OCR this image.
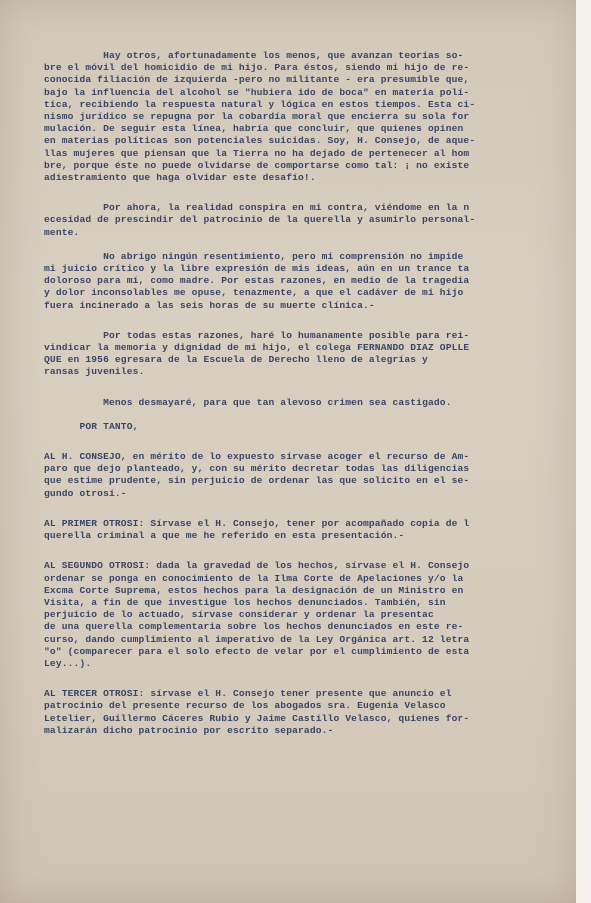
Hay otros, afortunadamente los menos, que avanzan teorías so-
bre el móvil del homicidio de mi hijo. Para éstos, siendo mi hijo de re-
conocida filiación de izquierda -pero no militante - era presumible que,
bajo la influencia del alcohol se "hubiera ido de boca" en materia polí-
tica, recibiendo la respuesta natural y lógica en estos tiempos. Esta ci-
nismo jurídico se repugna por la cobardía moral que encierra su sola for
mulación. De seguir esta línea, habría que concluir, que quienes opinen
en materias políticas son potenciales suicidas. Soy, H. Consejo, de aque-
llas mujeres que piensan que la Tierra no ha dejado de pertenecer al hom
bre, porque éste no puede olvidarse de comportarse como tal: ¡ no existe
adiestramiento que haga olvidar este desafío!.

Por ahora, la realidad conspira en mi contra, viéndome en la n
ecesidad de prescindir del patrocinio de la querella y asumirlo personal-
mente.

No abrigo ningún resentimiento, pero mi comprensión no impide
mi juicio crítico y la libre expresión de mis ideas, aún en un trance ta
doloroso para mí, como madre. Por estas razones, en medio de la tragedia
y dolor inconsolables me opuse, tenazmente, a que el cadáver de mi hijo
fuera incinerado a las seis horas de su muerte clínica.-

Por todas estas razones, haré lo humanamente posible para rei-
vindicar la memoria y dignidad de mi hijo, el colega FERNANDO DIAZ OPLLE
QUE en 1956 egresara de la Escuela de Derecho lleno de alegrías y
ransas juveniles.

Menos desmayaré, para que tan alevoso crimen sea castigado.

POR TANTO,

AL H. CONSEJO, en mérito de lo expuesto sírvase acoger el recurso de Am-
paro que dejo planteado, y, con su mérito decretar todas las diligencias
que estime prudente, sin perjuicio de ordenar las que solicito en el se-
gundo otrosí.-

AL PRIMER OTROSI: Sírvase el H. Consejo, tener por acompañado copia de l
querella criminal a que me he referido en esta presentación.-

AL SEGUNDO OTROSI: dada la gravedad de los hechos, sírvase el H. Consejo
ordenar se ponga en conocimiento de la Ilma Corte de Apelaciones y/o la
Excma Corte Suprema, estos hechos para la designación de un Ministro en
Visita, a fin de que investigue los hechos denunciados. También, sin
perjuicio de lo actuado, sírvase considerar y ordenar la presentac
de una querella complementaria sobre los hechos denunciados en este re-
curso, dando cumplimiento al imperativo de la Ley Orgánica art. 12 letra
"o" (comparecer para el solo efecto de velar por el cumplimiento de esta
Ley...).

AL TERCER OTROSI: sírvase el H. Consejo tener presente que anuncio el
patrocinio del presente recurso de los abogados sra. Eugenia Velasco
Letelier, Guillermo Cáceres Rubio y Jaime Castillo Velasco, quienes for-
malizarán dicho patrocinio por escrito separado.-
